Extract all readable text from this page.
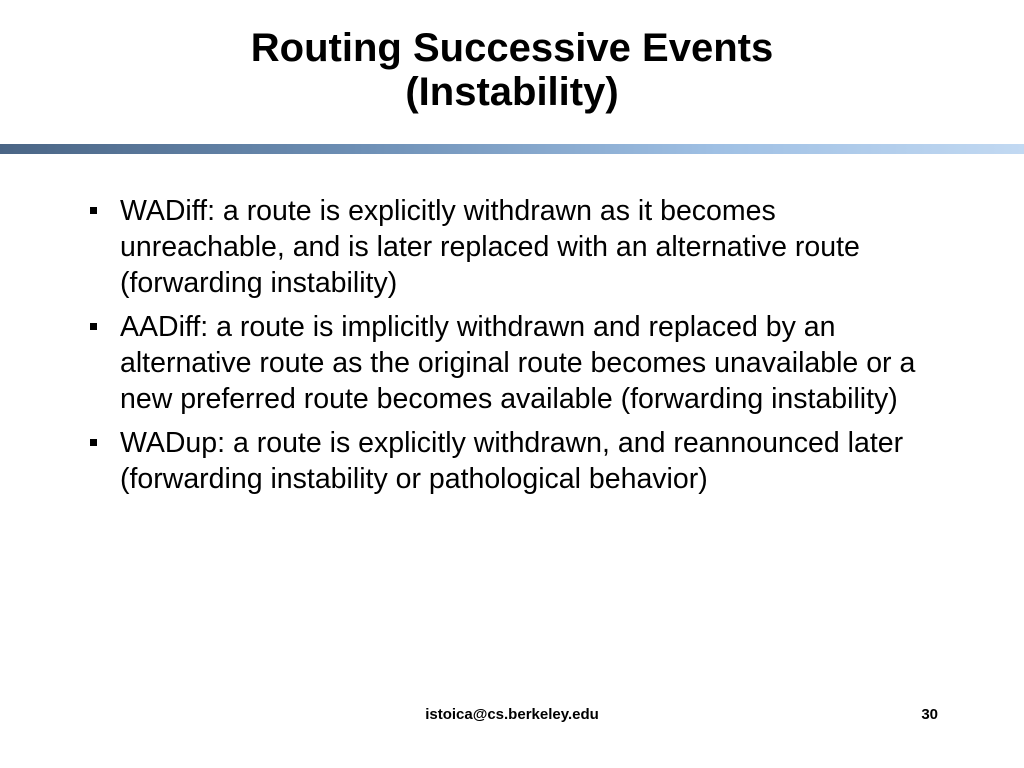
Routing Successive Events
(Instability)
WADiff: a route is explicitly withdrawn as it becomes unreachable, and is later replaced with an alternative route (forwarding instability)
AADiff: a route is implicitly withdrawn and replaced by an alternative route as the original route becomes unavailable or a new preferred route becomes available (forwarding instability)
WADup: a route is explicitly withdrawn, and reannounced later (forwarding instability or pathological behavior)
istoica@cs.berkeley.edu	30
